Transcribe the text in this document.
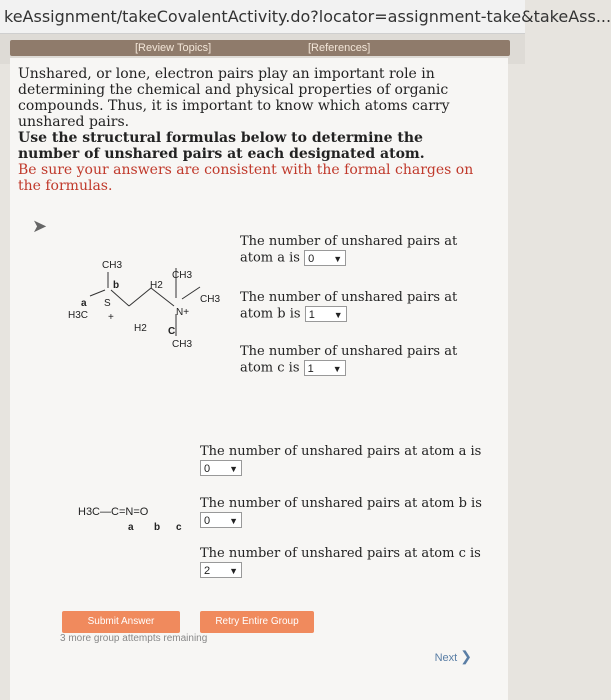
keAssignment/takeCovalentActivity.do?locator=assignment-take&takeAss...
[Review Topics]	[References]
Unshared, or lone, electron pairs play an important role in determining the chemical and physical properties of organic compounds. Thus, it is important to know which atoms carry unshared pairs.
Use the structural formulas below to determine the number of unshared pairs at each designated atom.
Be sure your answers are consistent with the formal charges on the formulas.
➤
CH3
a
b
C
H3C
S
+
H2
H2
CH3
CH3
N+
CH3
The number of unshared pairs at
atom a is 0 ▼
The number of unshared pairs at
atom b is 1 ▼
The number of unshared pairs at
atom c is 1 ▼
H3C—C=N=O
a b c
The number of unshared pairs at atom a is
0 ▼
The number of unshared pairs at atom b is
0 ▼
The number of unshared pairs at atom c is
2 ▼
Submit Answer	Retry Entire Group
3 more group attempts remaining
Next ❯
